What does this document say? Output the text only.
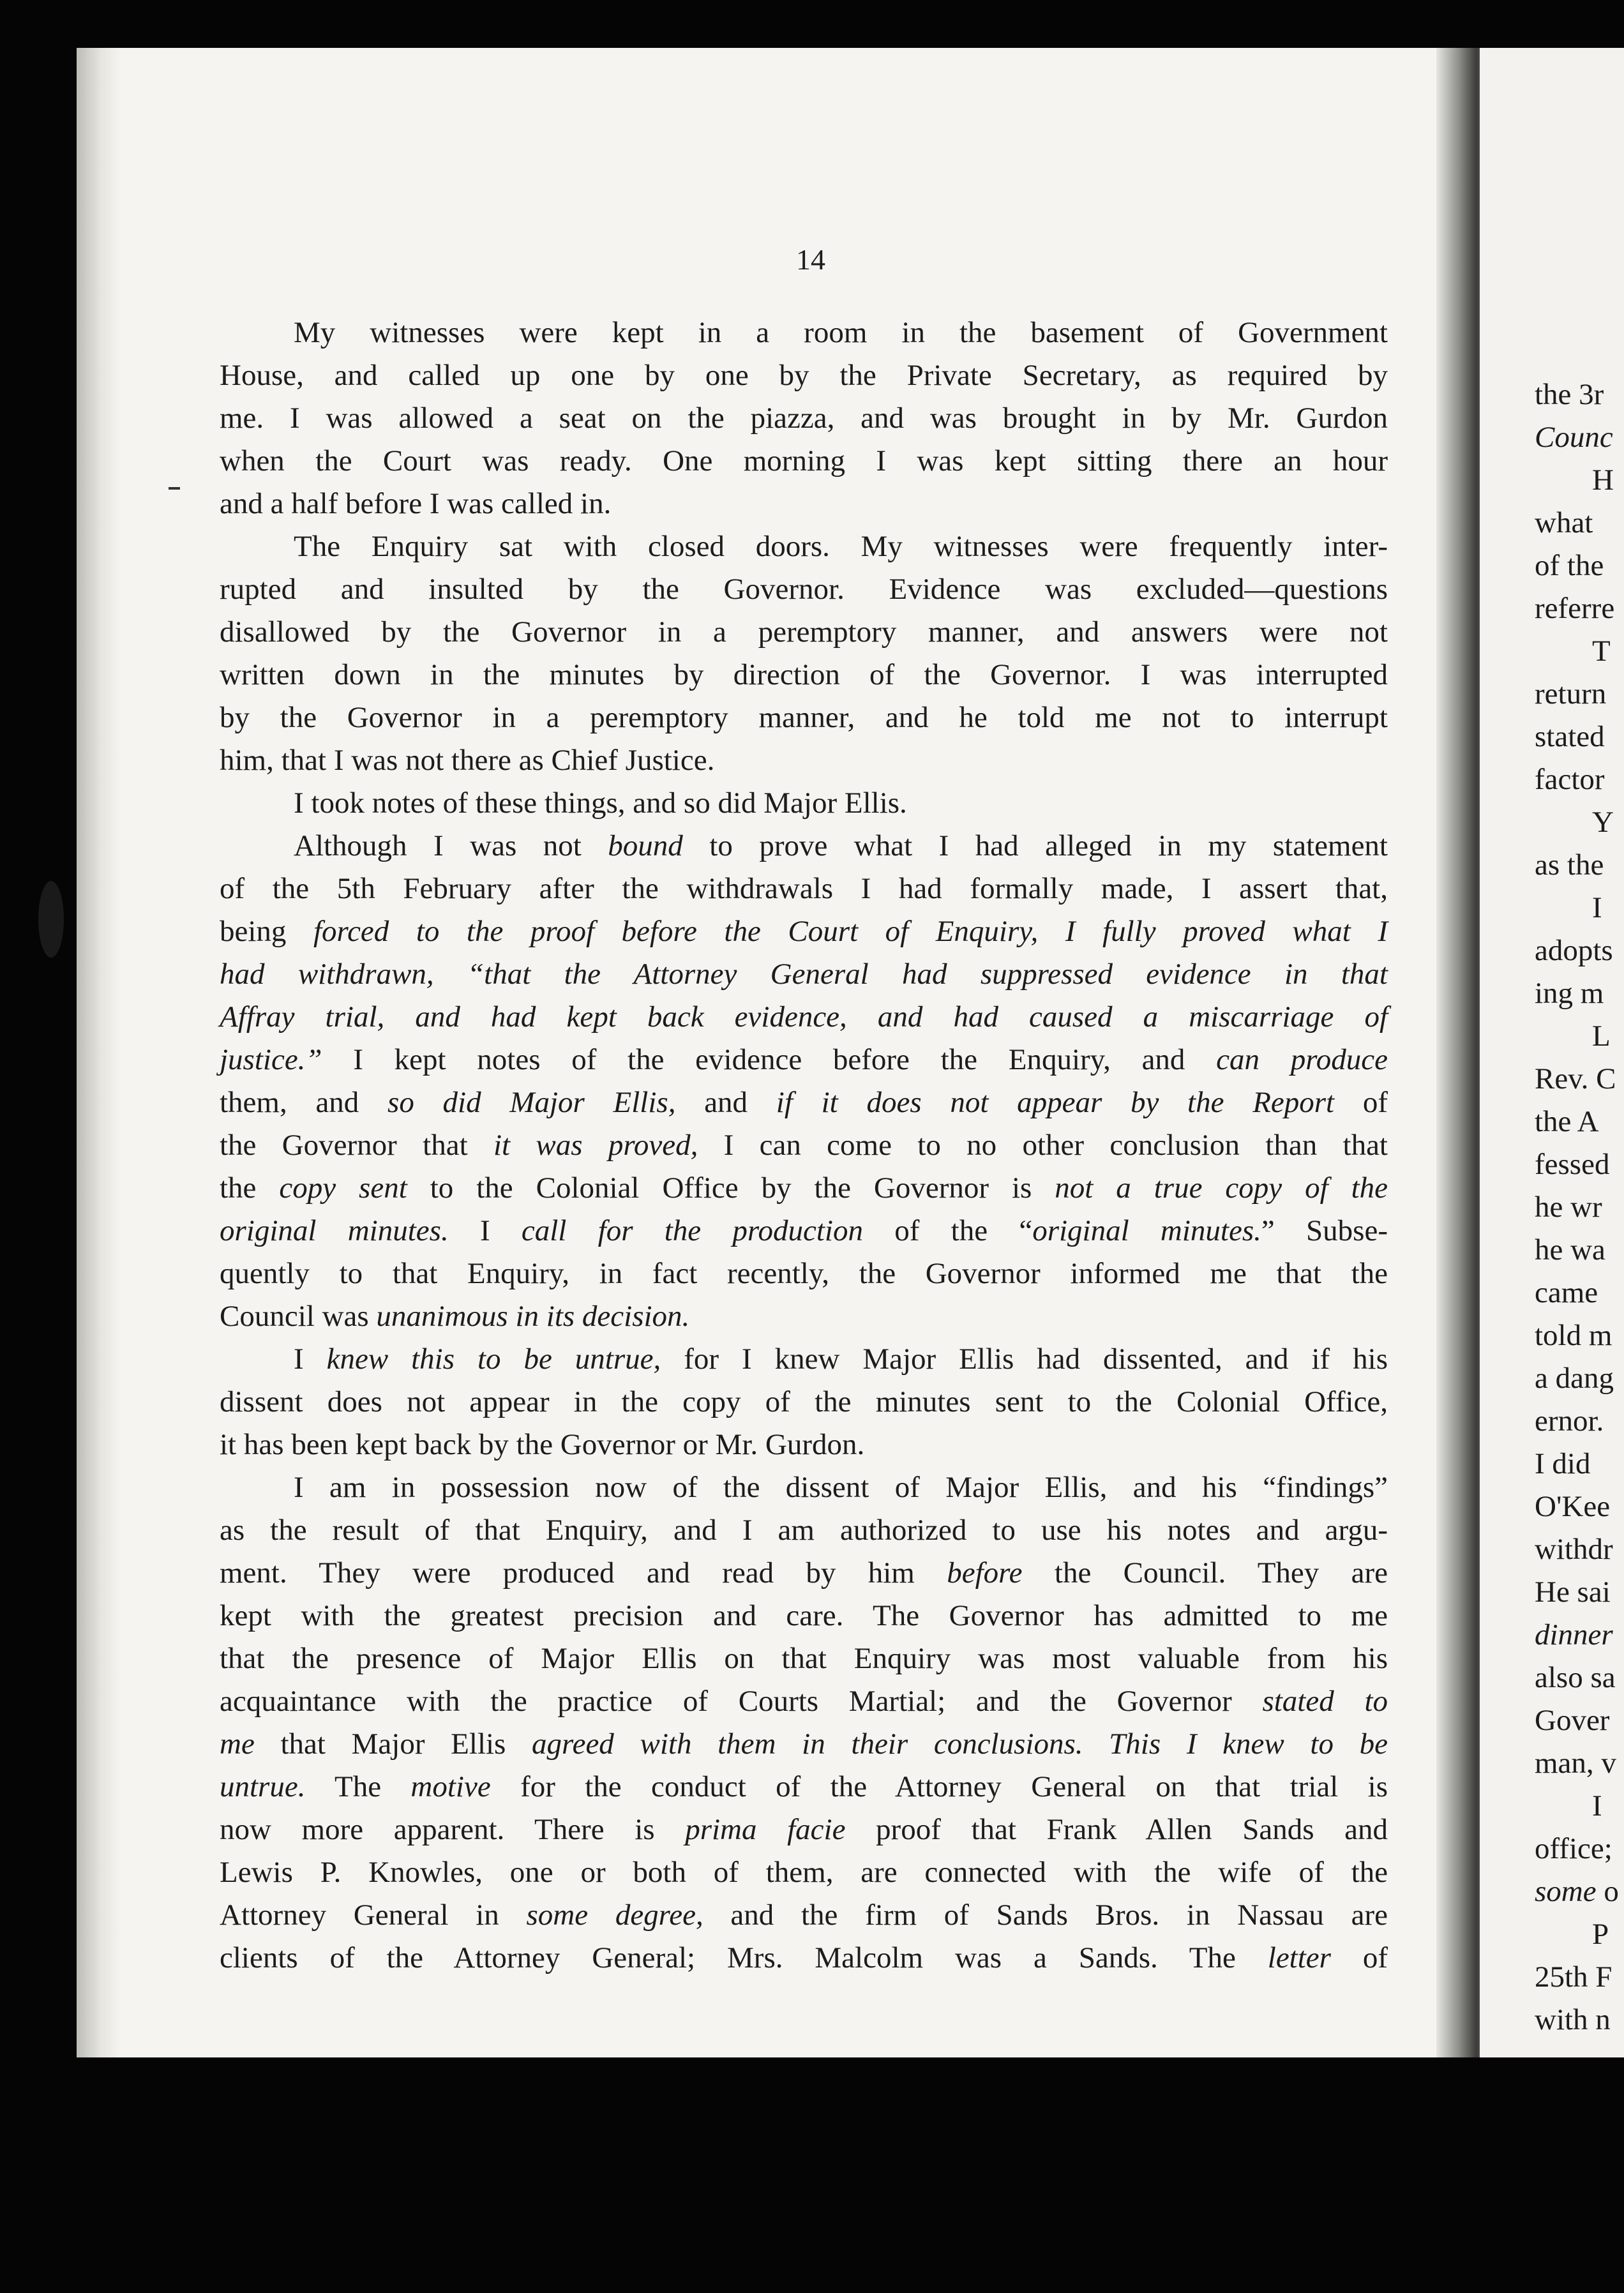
the 3r
Counc
H
what
of the
referre
T
return
stated
factor
Y
as the
I
adopts
ing m
L
Rev. C
the A
fessed
he wr
he wa
came
told m
a dang
ernor.
I did
O'Kee
withdr
He sai
dinner
also sa
Gover
man, v
I
office;
some o
P
25th F
with n
14
My witnesses were kept in a room in the basement of Government
House, and called up one by one by the Private Secretary, as required by
me. I was allowed a seat on the piazza, and was brought in by Mr. Gurdon
when the Court was ready. One morning I was kept sitting there an hour
and a half before I was called in.
The Enquiry sat with closed doors. My witnesses were frequently inter-
rupted and insulted by the Governor. Evidence was excluded—questions
disallowed by the Governor in a peremptory manner, and answers were not
written down in the minutes by direction of the Governor. I was interrupted
by the Governor in a peremptory manner, and he told me not to interrupt
him, that I was not there as Chief Justice.
I took notes of these things, and so did Major Ellis.
Although I was not bound to prove what I had alleged in my statement
of the 5th February after the withdrawals I had formally made, I assert that,
being forced to the proof before the Court of Enquiry, I fully proved what I
had withdrawn, “that the Attorney General had suppressed evidence in that
Affray trial, and had kept back evidence, and had caused a miscarriage of
justice.” I kept notes of the evidence before the Enquiry, and can produce
them, and so did Major Ellis, and if it does not appear by the Report of
the Governor that it was proved, I can come to no other conclusion than that
the copy sent to the Colonial Office by the Governor is not a true copy of the
original minutes. I call for the production of the “original minutes.” Subse-
quently to that Enquiry, in fact recently, the Governor informed me that the
Council was unanimous in its decision.
I knew this to be untrue, for I knew Major Ellis had dissented, and if his
dissent does not appear in the copy of the minutes sent to the Colonial Office,
it has been kept back by the Governor or Mr. Gurdon.
I am in possession now of the dissent of Major Ellis, and his “findings”
as the result of that Enquiry, and I am authorized to use his notes and argu-
ment. They were produced and read by him before the Council. They are
kept with the greatest precision and care. The Governor has admitted to me
that the presence of Major Ellis on that Enquiry was most valuable from his
acquaintance with the practice of Courts Martial; and the Governor stated to
me that Major Ellis agreed with them in their conclusions. This I knew to be
untrue. The motive for the conduct of the Attorney General on that trial is
now more apparent. There is prima facie proof that Frank Allen Sands and
Lewis P. Knowles, one or both of them, are connected with the wife of the
Attorney General in some degree, and the firm of Sands Bros. in Nassau are
clients of the Attorney General; Mrs. Malcolm was a Sands. The letter of
